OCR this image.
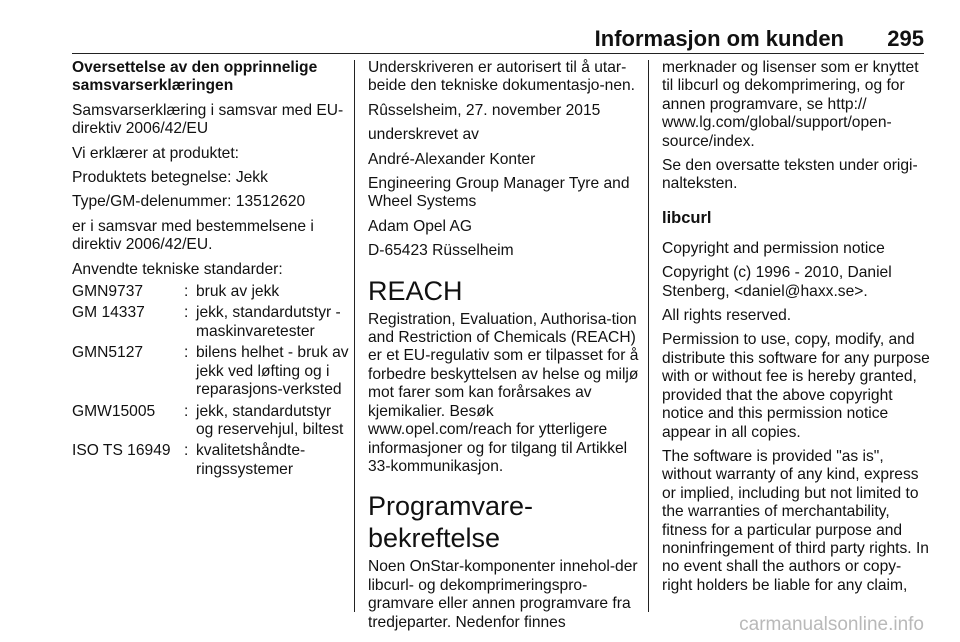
Informasjon om kunden 295

Oversettelse av den opprinnelige samsvarserklæringen

Samsvarserklæring i samsvar med EU-direktiv 2006/42/EU

Vi erklærer at produktet:

Produktets betegnelse: Jekk

Type/GM-delenummer: 13512620

er i samsvar med bestemmelsene i direktiv 2006/42/EU.

Anvendte tekniske standarder:

GMN9737	:	bruk av jekk
GM 14337	:	jekk, standardutstyr - maskinvaretester
GMN5127	:	bilens helhet - bruk av jekk ved løfting og i reparasjons-verksted
GMW15005	:	jekk, standardutstyr og reservehjul, biltest
ISO TS 16949	:	kvalitetshåndte-ringssystemer

Underskriveren er autorisert til å utar-beide den tekniske dokumentasjo-nen.

Rûsselsheim, 27. november 2015

underskrevet av

André-Alexander Konter

Engineering Group Manager Tyre and Wheel Systems

Adam Opel AG

D-65423 Rüsselheim

REACH

Registration, Evaluation, Authorisa-tion and Restriction of Chemicals (REACH) er et EU-regulativ som er tilpasset for å forbedre beskyttelsen av helse og miljø mot farer som kan forårsakes av kjemikalier. Besøk www.opel.com/reach for ytterligere informasjoner og for tilgang til Artikkel 33-kommunikasjon.

Programvare-bekreftelse

Noen OnStar-komponenter innehol-der libcurl- og dekomprimeringspro-gramvare eller annen programvare fra tredjeparter. Nedenfor finnes

merknader og lisenser som er knyttet til libcurl og dekomprimering, og for annen programvare, se http:// www.lg.com/global/support/open-source/index.

Se den oversatte teksten under origi-nalteksten.

libcurl

Copyright and permission notice

Copyright (c) 1996 - 2010, Daniel Stenberg, <daniel@haxx.se>.

All rights reserved.

Permission to use, copy, modify, and distribute this software for any purpose with or without fee is hereby granted, provided that the above copyright notice and this permission notice appear in all copies.

The software is provided "as is", without warranty of any kind, express or implied, including but not limited to the warranties of merchantability, fitness for a particular purpose and noninfringement of third party rights. In no event shall the authors or copy-right holders be liable for any claim,

carmanualsonline.info
